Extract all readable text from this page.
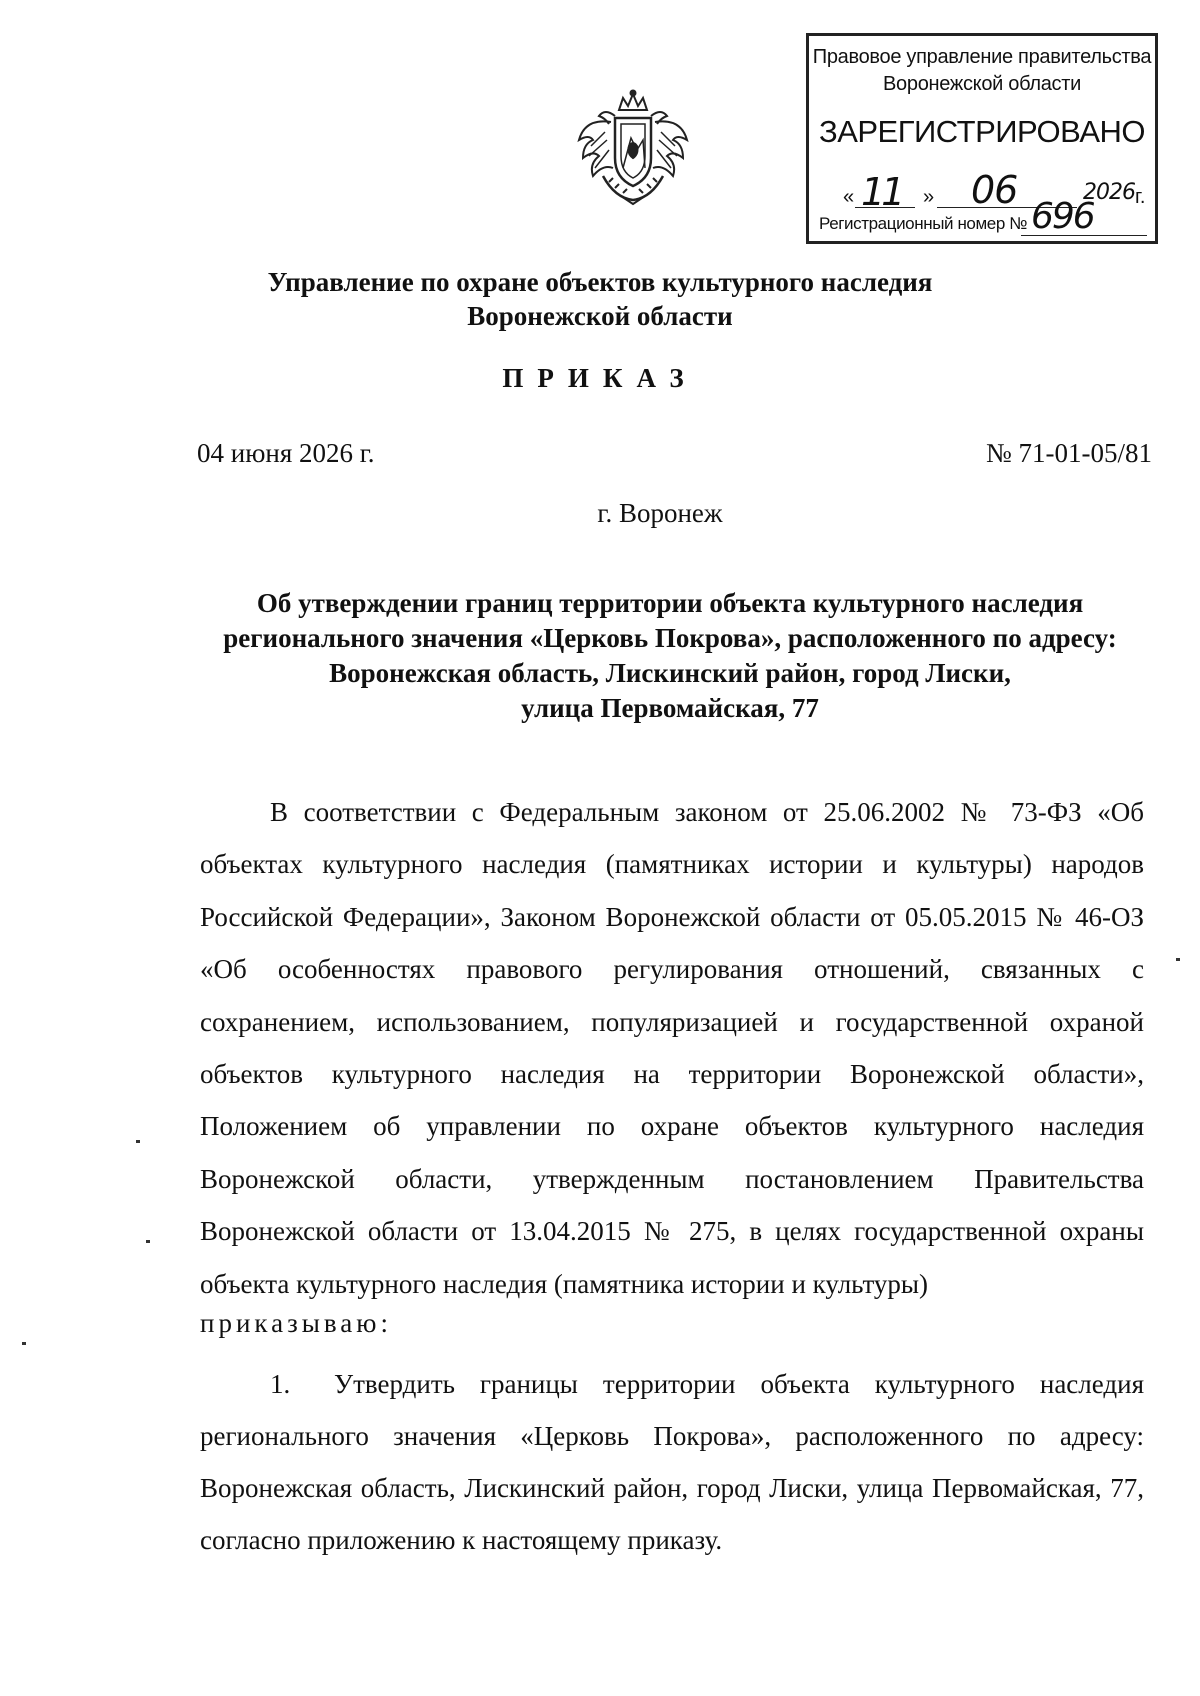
Правовое управление правительства
Воронежской области
ЗАРЕГИСТРИРОВАНО
« 11 » 06	2026 г.
Регистрационный номер № 696
Управление по охране объектов культурного наследия
Воронежской области
ПРИКАЗ
04 июня 2026 г.	№ 71-01-05/81
г. Воронеж
Об утверждении границ территории объекта культурного наследия
регионального значения «Церковь Покрова», расположенного по адресу:
Воронежская область, Лискинский район, город Лиски,
улица Первомайская, 77
В соответствии с Федеральным законом от 25.06.2002 № 73-ФЗ «Об объектах культурного наследия (памятниках истории и культуры) народов Российской Федерации», Законом Воронежской области от 05.05.2015 № 46-ОЗ «Об особенностях правового регулирования отношений, связанных с сохранением, использованием, популяризацией и государственной охраной объектов культурного наследия на территории Воронежской области», Положением об управлении по охране объектов культурного наследия Воронежской области, утвержденным постановлением Правительства Воронежской области от 13.04.2015 № 275, в целях государственной охраны объекта культурного наследия (памятника истории и культуры)
приказываю:
1. Утвердить границы территории объекта культурного наследия регионального значения «Церковь Покрова», расположенного по адресу: Воронежская область, Лискинский район, город Лиски, улица Первомайская, 77, согласно приложению к настоящему приказу.
